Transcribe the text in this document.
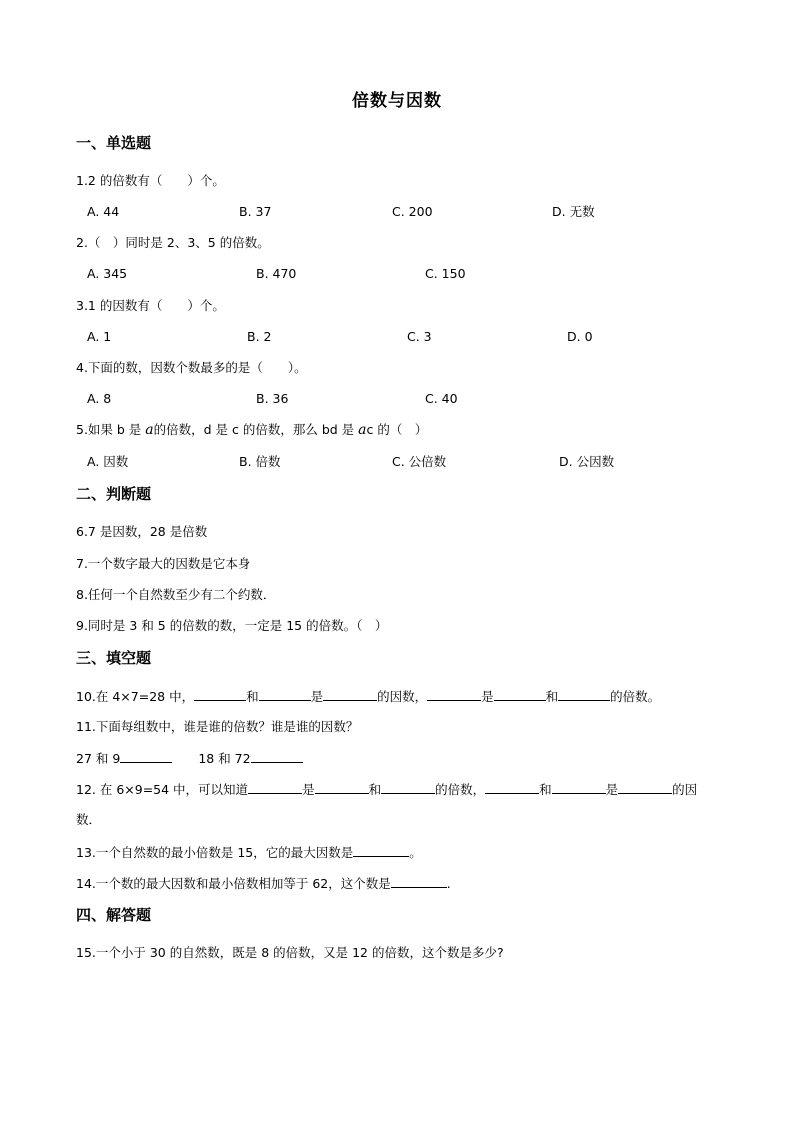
倍数与因数
一、单选题
1.2 的倍数有（　　）个。
A. 44	B. 37	C. 200	D. 无数
2.（　）同时是 2、3、5 的倍数。
A. 345	B. 470	C. 150
3.1 的因数有（　　）个。
A. 1	B. 2	C. 3	D. 0
4.下面的数，因数个数最多的是（　　）。
A. 8	B. 36	C. 40
5.如果 b 是 a的倍数，d 是 c 的倍数，那么 bd 是 ac 的（　）
A. 因数	B. 倍数	C. 公倍数	D. 公因数
二、判断题
6.7 是因数，28 是倍数
7.一个数字最大的因数是它本身
8.任何一个自然数至少有二个约数．
9.同时是 3 和 5 的倍数的数，一定是 15 的倍数。（　）
三、填空题
10.在 4×7=28 中，	和	是	的因数，	是	和	的倍数。
11.下面每组数中，谁是谁的倍数？谁是谁的因数？
27 和 9	18 和 72
12. 在 6×9=54 中，可以知道	是	和	的倍数，	和	是	的因
数．
13.一个自然数的最小倍数是 15，它的最大因数是	。
14.一个数的最大因数和最小倍数相加等于 62，这个数是	.
四、解答题
15.一个小于 30 的自然数，既是 8 的倍数，又是 12 的倍数，这个数是多少?
